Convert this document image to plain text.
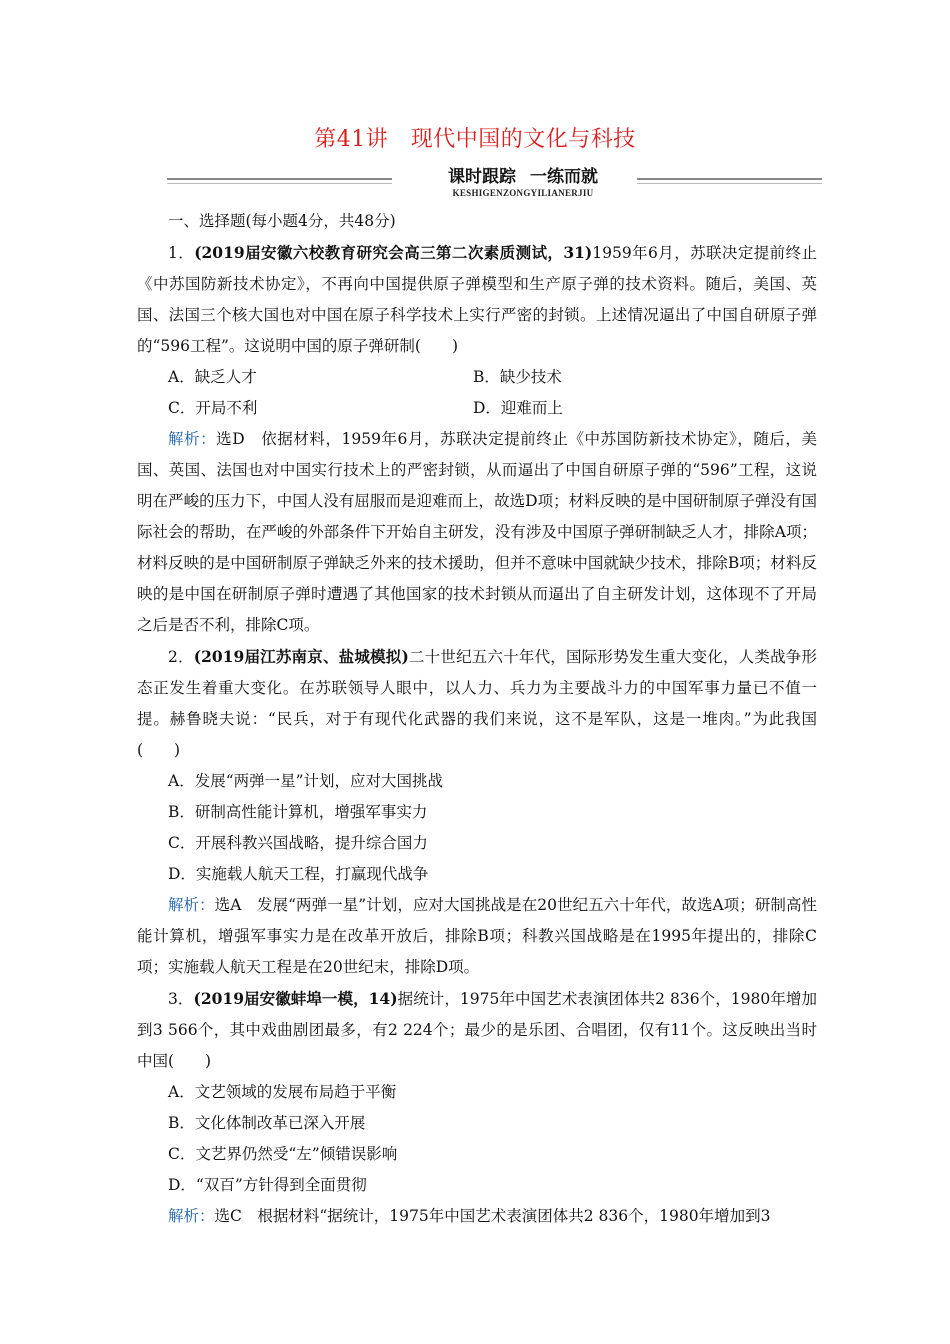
第41讲　现代中国的文化与科技
课时跟踪 一练而就
KESHIGENZONGYILIANERJIU

一、选择题(每小题4分，共48分)

1．(2019届安徽六校教育研究会高三第二次素质测试，31)1959年6月，苏联决定提前终止《中苏国防新技术协定》，不再向中国提供原子弹模型和生产原子弹的技术资料。随后，美国、英国、法国三个核大国也对中国在原子科学技术上实行严密的封锁。上述情况逼出了中国自研原子弹的“596工程”。这说明中国的原子弹研制(　　)

A．缺乏人才	B．缺少技术
C．开局不利	D．迎难而上

解析：选D　依据材料，1959年6月，苏联决定提前终止《中苏国防新技术协定》，随后，美国、英国、法国也对中国实行技术上的严密封锁，从而逼出了中国自研原子弹的“596”工程，这说明在严峻的压力下，中国人没有屈服而是迎难而上，故选D项；材料反映的是中国研制原子弹没有国际社会的帮助，在严峻的外部条件下开始自主研发，没有涉及中国原子弹研制缺乏人才，排除A项；材料反映的是中国研制原子弹缺乏外来的技术援助，但并不意味中国就缺少技术，排除B项；材料反映的是中国在研制原子弹时遭遇了其他国家的技术封锁从而逼出了自主研发计划，这体现不了开局之后是否不利，排除C项。

2．(2019届江苏南京、盐城模拟)二十世纪五六十年代，国际形势发生重大变化，人类战争形态正发生着重大变化。在苏联领导人眼中，以人力、兵力为主要战斗力的中国军事力量已不值一提。赫鲁晓夫说：“民兵，对于有现代化武器的我们来说，这不是军队，这是一堆肉。”为此我国(　　)

A．发展“两弹一星”计划，应对大国挑战

B．研制高性能计算机，增强军事实力

C．开展科教兴国战略，提升综合国力

D．实施载人航天工程，打赢现代战争

解析：选A　发展“两弹一星”计划，应对大国挑战是在20世纪五六十年代，故选A项；研制高性能计算机，增强军事实力是在改革开放后，排除B项；科教兴国战略是在1995年提出的，排除C项；实施载人航天工程是在20世纪末，排除D项。

3．(2019届安徽蚌埠一模，14)据统计，1975年中国艺术表演团体共2 836个，1980年增加到3 566个，其中戏曲剧团最多，有2 224个；最少的是乐团、合唱团，仅有11个。这反映出当时中国(　　)

A．文艺领域的发展布局趋于平衡

B．文化体制改革已深入开展

C．文艺界仍然受“左”倾错误影响

D．“双百”方针得到全面贯彻

解析：选C　根据材料“据统计，1975年中国艺术表演团体共2 836个，1980年增加到3
